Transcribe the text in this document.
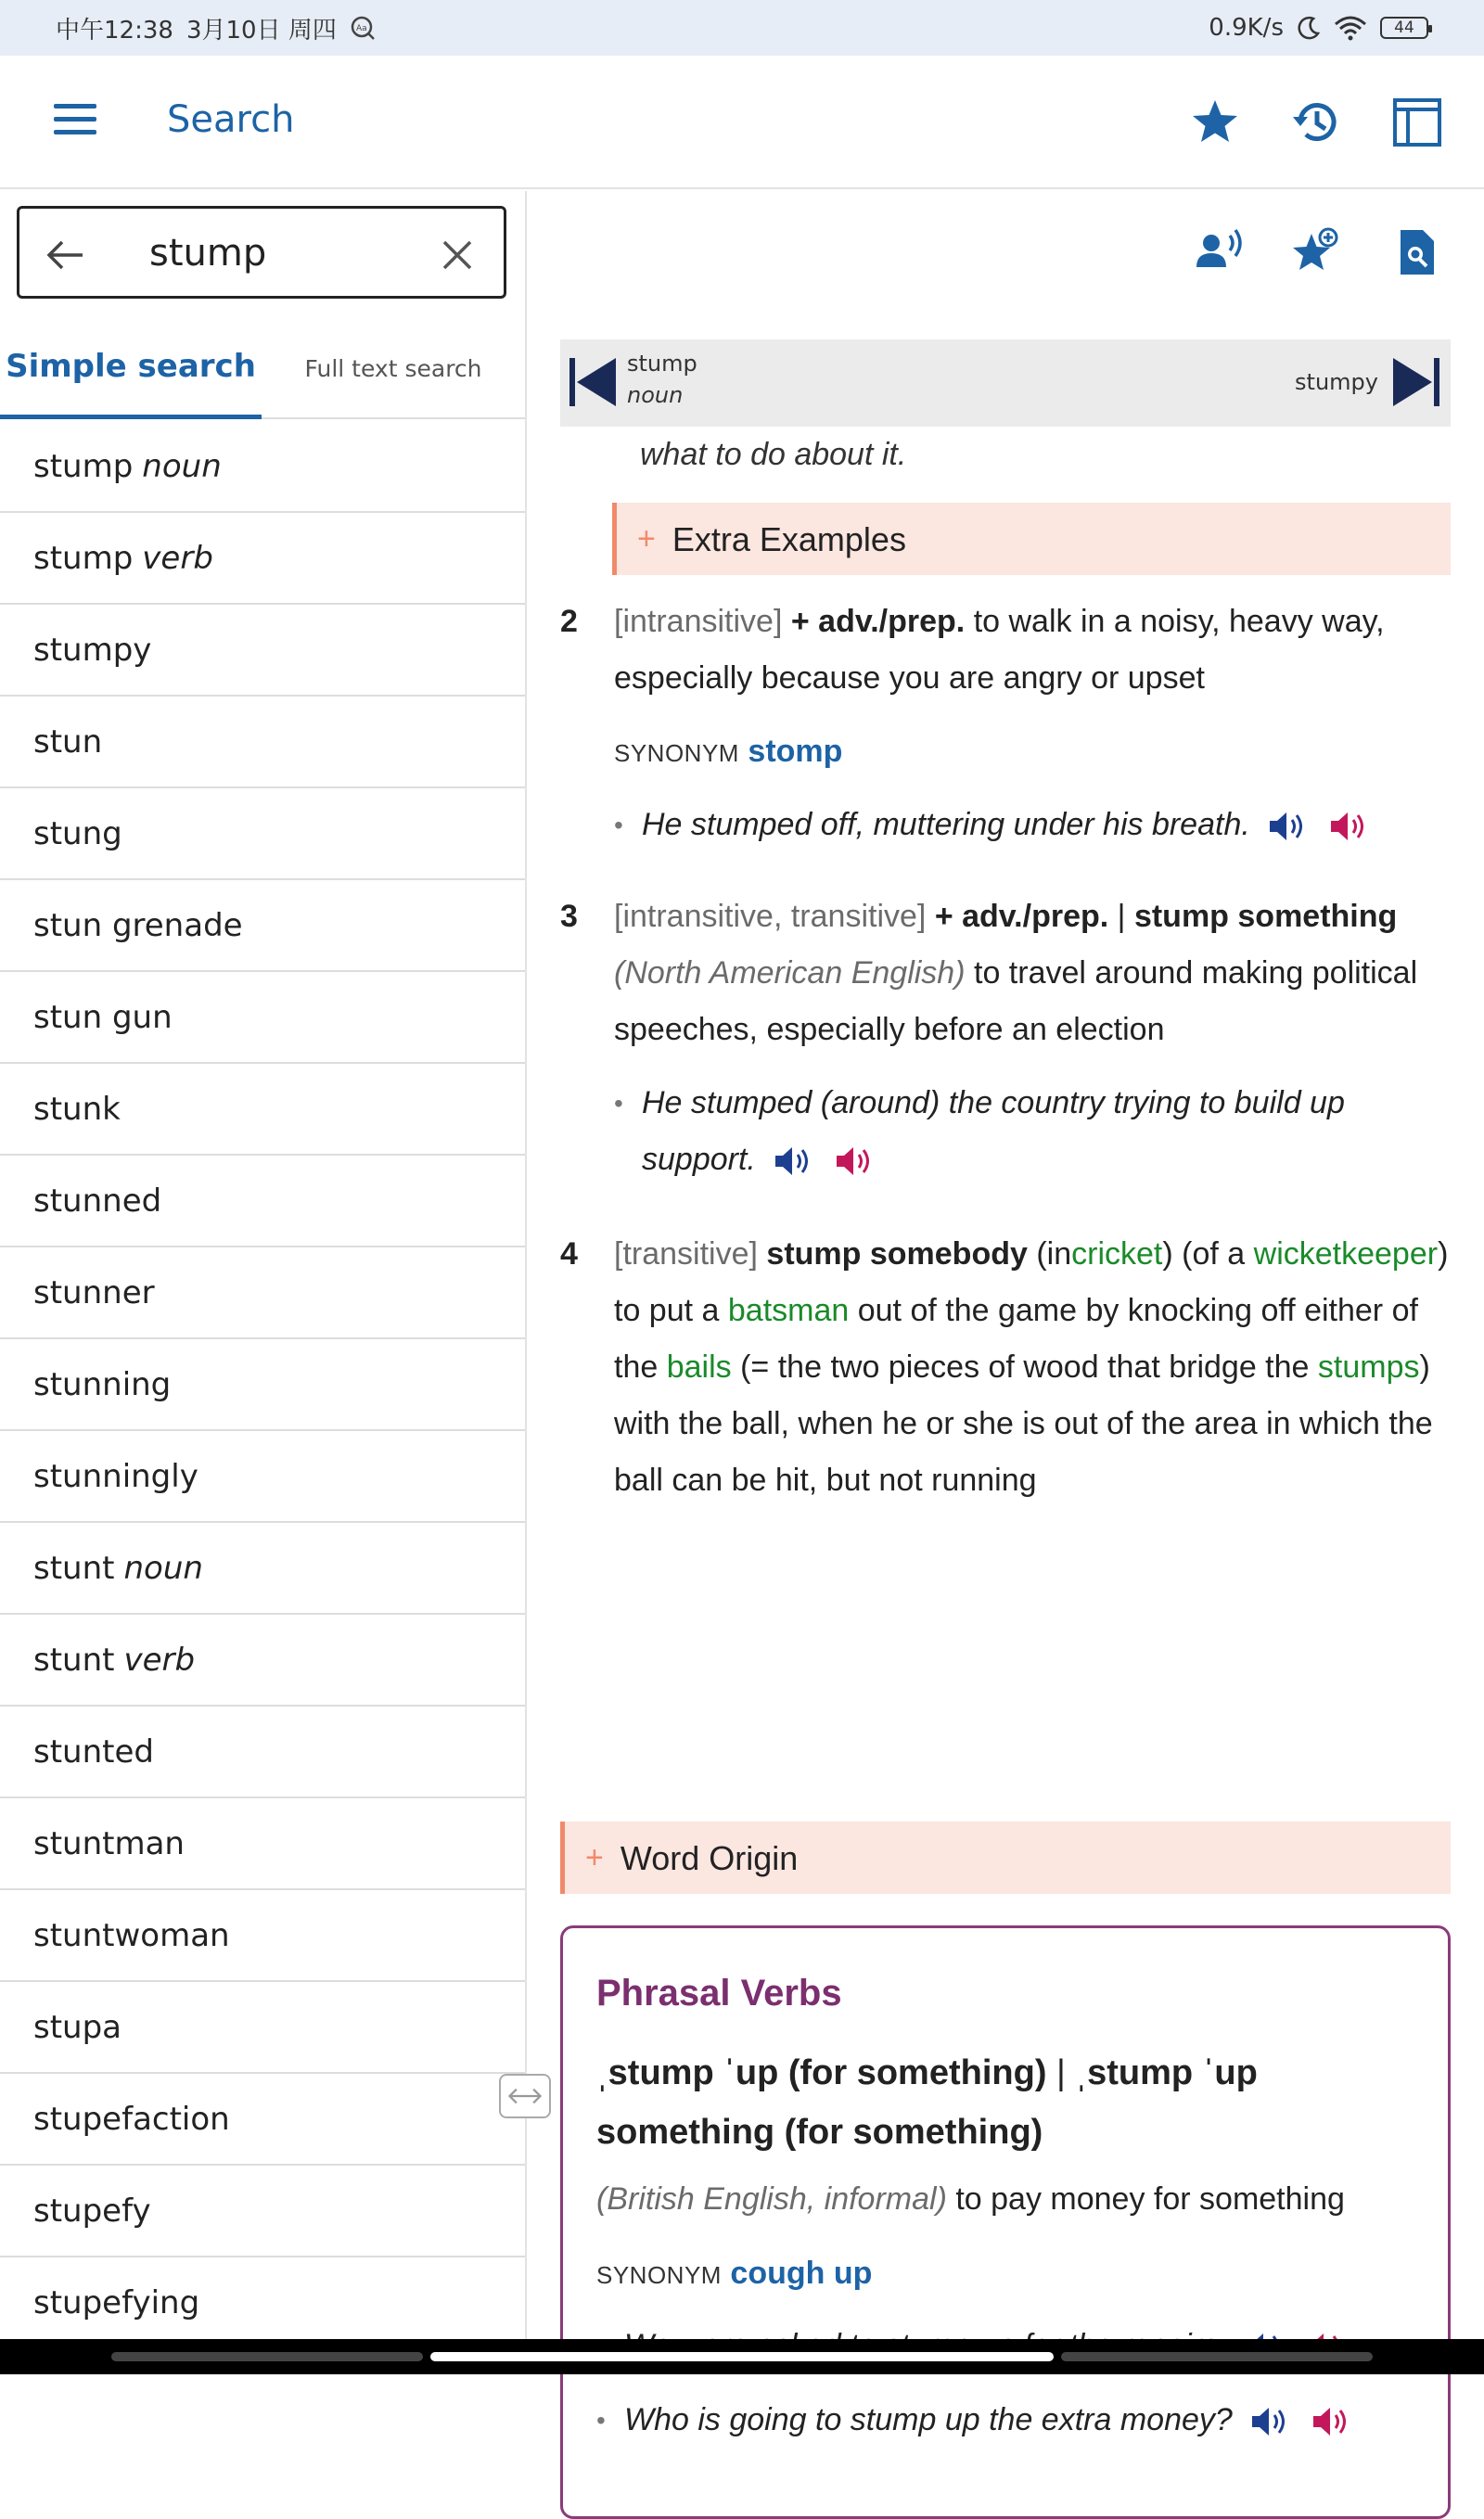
中午12:38 3月10日 周四 Aa	0.9K/s	44
Search
stump
Simple search	Full text search
stump noun
stump verb
stumpy
stun
stung
stun grenade
stun gun
stunk
stunned
stunner
stunning
stunningly
stunt noun
stunt verb
stunted
stuntman
stuntwoman
stupa
stupefaction
stupefy
stupefying
stump
noun	stumpy
what to do about it.
+ Extra Examples
2 [intransitive] + adv./prep. to walk in a noisy, heavy way, especially because you are angry or upset
SYNONYM stomp
• He stumped off, muttering under his breath.
3 [intransitive, transitive] + adv./prep. | stump something (North American English) to travel around making political speeches, especially before an election
• He stumped (around) the country trying to build up support.
4 [transitive] stump somebody (incricket) (of a wicketkeeper) to put a batsman out of the game by knocking off either of the bails (= the two pieces of wood that bridge the stumps) with the ball, when he or she is out of the area in which the ball can be hit, but not running
+ Word Origin
Phrasal Verbs
ˌstump ˈup (for something) | ˌstump ˈup something (for something)
(British English, informal) to pay money for something
SYNONYM cough up
•
• Who is going to stump up the extra money?
